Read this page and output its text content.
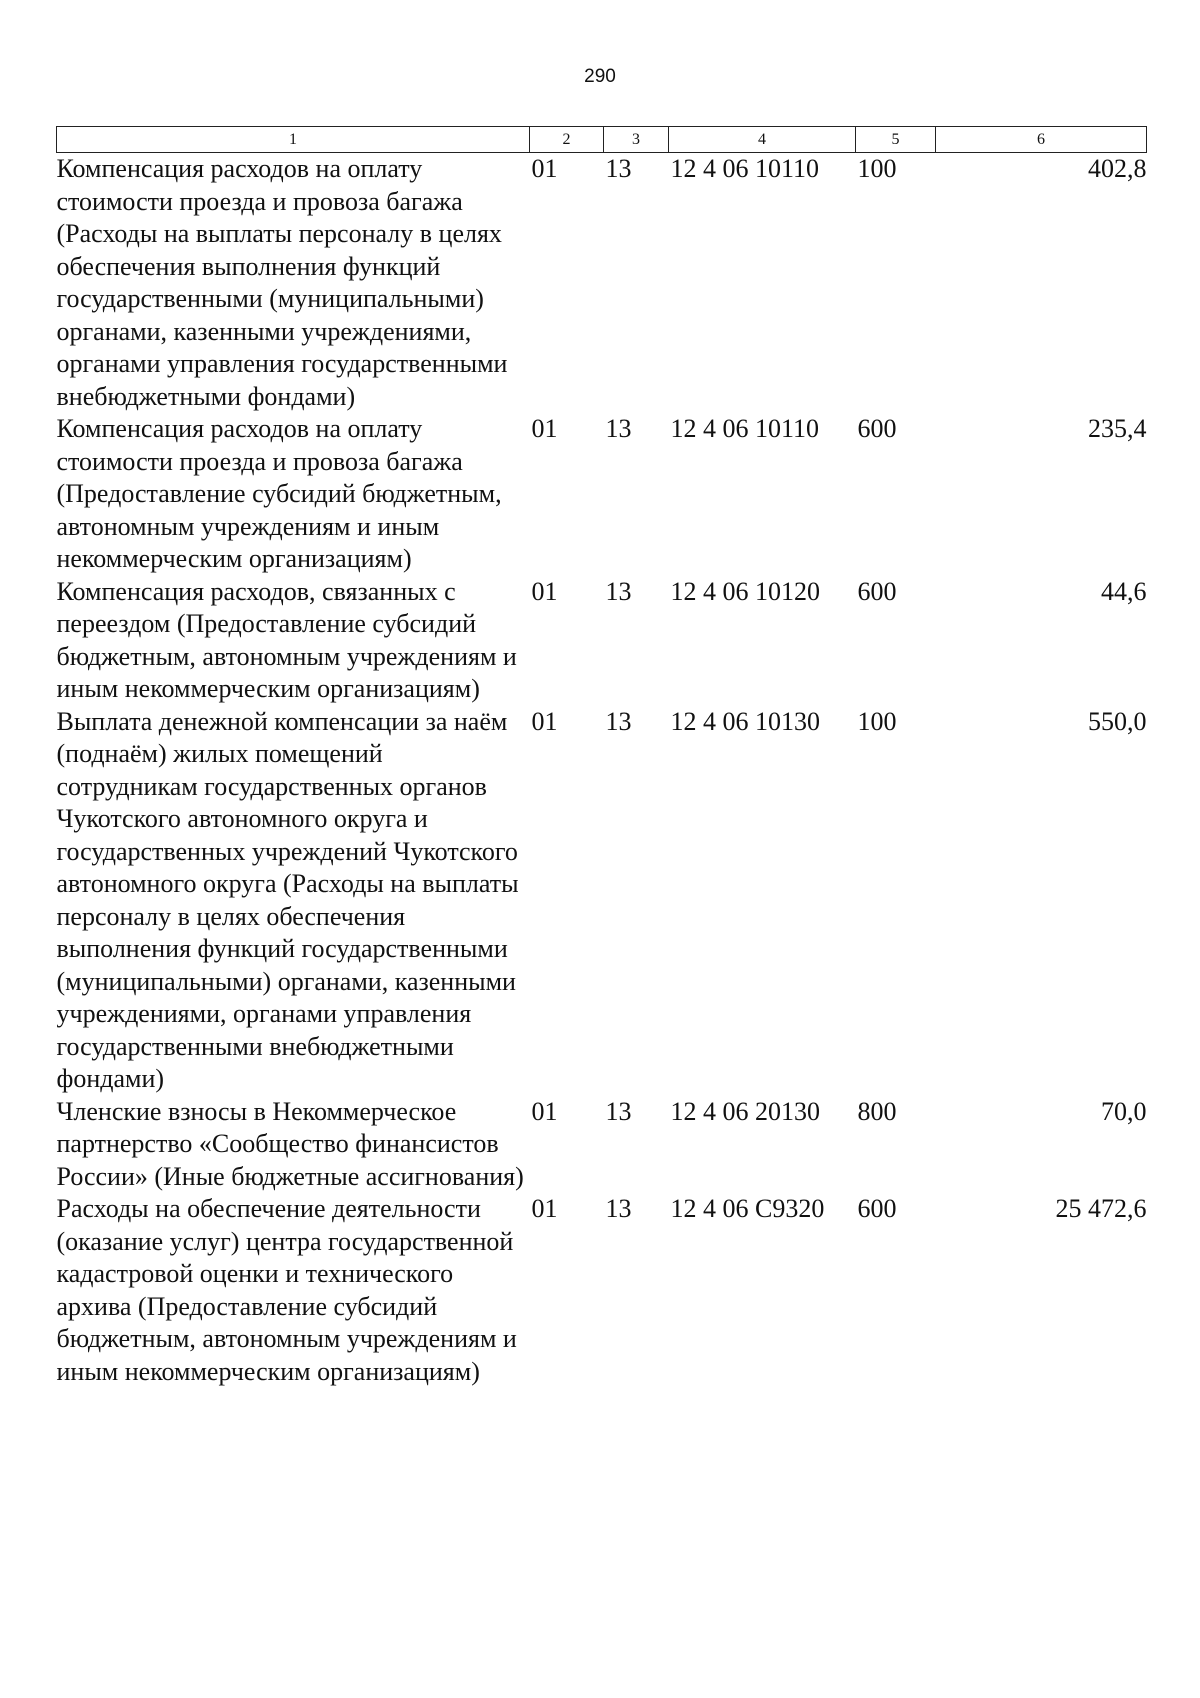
290
1	2	3	4	5	6
Компенсация расходов на оплату стоимости проезда и провоза багажа (Расходы на выплаты персоналу в целях обеспечения выполнения функций государственными (муниципальными) органами, казенными учреждениями, органами управления государственными внебюджетными фондами)	01	13	12 4 06 10110	100	402,8
Компенсация расходов на оплату стоимости проезда и провоза багажа (Предоставление субсидий бюджетным, автономным учреждениям и иным некоммерческим организациям)	01	13	12 4 06 10110	600	235,4
Компенсация расходов, связанных с переездом (Предоставление субсидий бюджетным, автономным учреждениям и иным некоммерческим организациям)	01	13	12 4 06 10120	600	44,6
Выплата денежной компенсации за наём (поднаём) жилых помещений сотрудникам государственных органов Чукотского автономного округа и государственных учреждений Чукотского автономного округа (Расходы на выплаты персоналу в целях обеспечения выполнения функций государственными (муниципальными) органами, казенными учреждениями, органами управления государственными внебюджетными фондами)	01	13	12 4 06 10130	100	550,0
Членские взносы в Некоммерческое партнерство «Сообщество финансистов России» (Иные бюджетные ассигнования)	01	13	12 4 06 20130	800	70,0
Расходы на обеспечение деятельности (оказание услуг) центра государственной кадастровой оценки и технического архива (Предоставление субсидий бюджетным, автономным учреждениям и иным некоммерческим организациям)	01	13	12 4 06 С9320	600	25 472,6
